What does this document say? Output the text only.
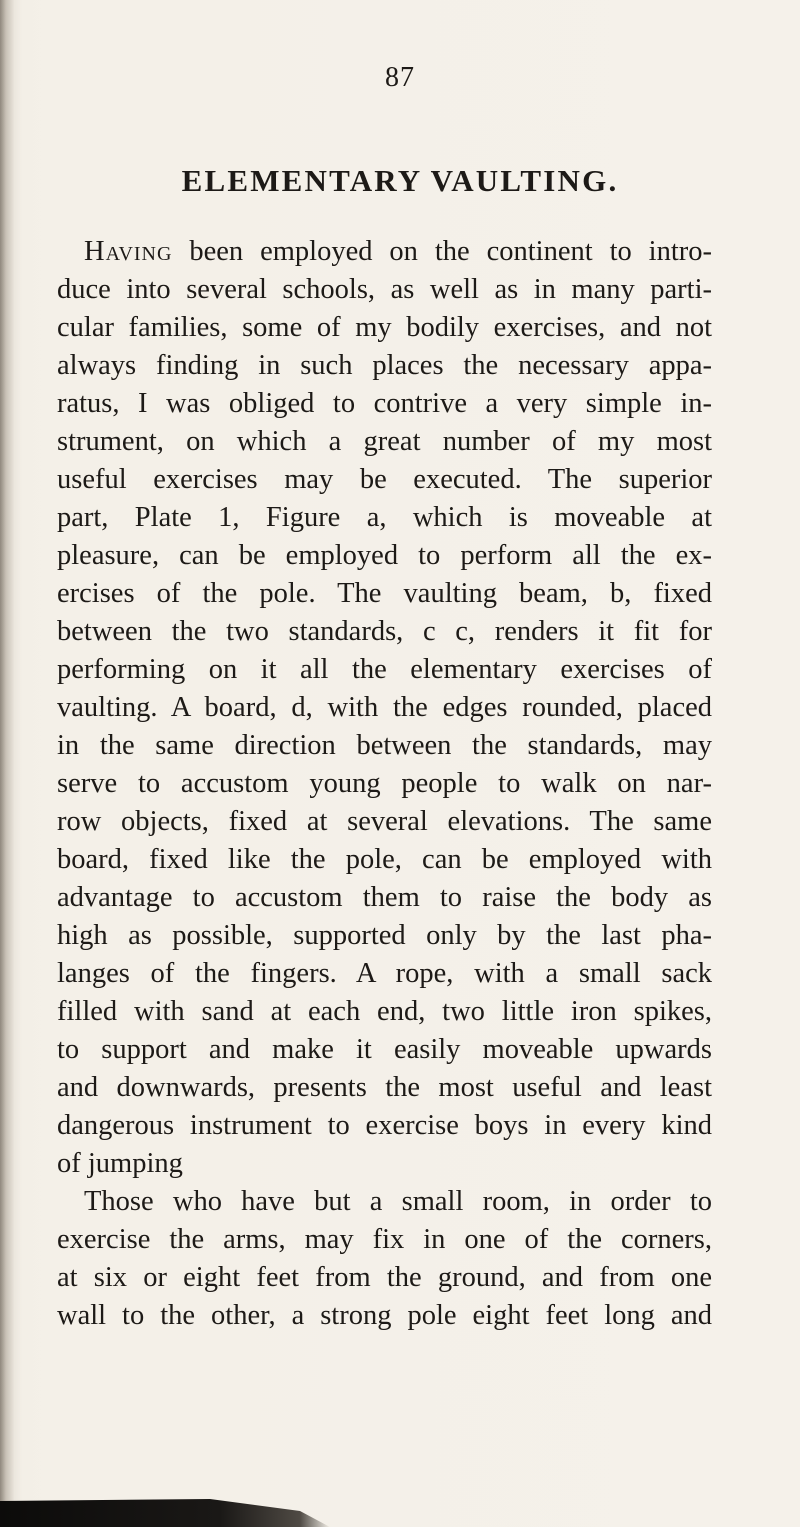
87
ELEMENTARY VAULTING.
Having been employed on the continent to intro-
duce into several schools, as well as in many parti-
cular families, some of my bodily exercises, and not
always finding in such places the necessary appa-
ratus, I was obliged to contrive a very simple in-
strument, on which a great number of my most
useful exercises may be executed. The superior
part, Plate 1, Figure a, which is moveable at
pleasure, can be employed to perform all the ex-
ercises of the pole. The vaulting beam, b, fixed
between the two standards, c c, renders it fit for
performing on it all the elementary exercises of
vaulting. A board, d, with the edges rounded, placed
in the same direction between the standards, may
serve to accustom young people to walk on nar-
row objects, fixed at several elevations. The same
board, fixed like the pole, can be employed with
advantage to accustom them to raise the body as
high as possible, supported only by the last pha-
langes of the fingers. A rope, with a small sack
filled with sand at each end, two little iron spikes,
to support and make it easily moveable upwards
and downwards, presents the most useful and least
dangerous instrument to exercise boys in every kind
of jumping
Those who have but a small room, in order to
exercise the arms, may fix in one of the corners,
at six or eight feet from the ground, and from one
wall to the other, a strong pole eight feet long and
